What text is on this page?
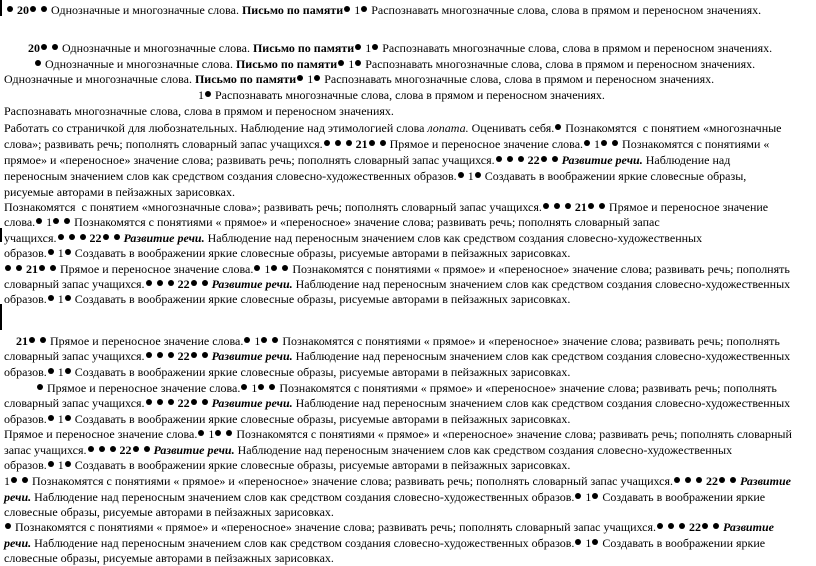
20  Однозначные и многозначные слова. Письмо по памяти 1 Распознавать многозначные слова, слова в прямом и переносном значениях.
20  Однозначные и многозначные слова. Письмо по памяти 1 Распознавать многозначные слова, слова в прямом и переносном значениях.
Однозначные и многозначные слова. Письмо по памяти 1 Распознавать многозначные слова, слова в прямом и переносном значениях.
Однозначные и многозначные слова. Письмо по памяти 1 Распознавать многозначные слова, слова в прямом и переносном значениях.
1 Распознавать многозначные слова, слова в прямом и переносном значениях.
Распознавать многозначные слова, слова в прямом и переносном значениях.
Работать со страничкой для любознательных. Наблюдение над этимологией слова лопата. Оценивать себя. Познакомятся  с понятием «многозначные
слова»; развивать речь; пополнять словарный запас учащихся.	21  Прямое и переносное значение слова. 1  Познакомятся с понятиями «
прямое» и «переносное» значение слова; развивать речь; пополнять словарный запас учащихся.	22 Развитие речи. Наблюдение над
переносным значением слов как средством создания словесно-художественных образов. 1 Создавать в воображении яркие словесные образы,
рисуемые авторами в пейзажных зарисовках.
Познакомятся  с понятием «многозначные слова»; развивать речь; пополнять словарный запас учащихся.	21  Прямое и переносное значение
слова. 1  Познакомятся с понятиями « прямое» и «переносное» значение слова; развивать речь; пополнять словарный запас
учащихся.	22 Развитие речи. Наблюдение над переносным значением слов как средством создания словесно-художественных
образов. 1 Создавать в воображении яркие словесные образы, рисуемые авторами в пейзажных зарисовках.
21  Прямое и переносное значение слова. 1  Познакомятся с понятиями « прямое» и «переносное» значение слова; развивать речь; пополнять
словарный запас учащихся.	22 Развитие речи. Наблюдение над переносным значением слов как средством создания словесно-художественных
образов. 1 Создавать в воображении яркие словесные образы, рисуемые авторами в пейзажных зарисовках.
21  Прямое и переносное значение слова. 1  Познакомятся с понятиями « прямое» и «переносное» значение слова; развивать речь; пополнять
словарный запас учащихся.	22 Развитие речи. Наблюдение над переносным значением слов как средством создания словесно-художественных
образов. 1 Создавать в воображении яркие словесные образы, рисуемые авторами в пейзажных зарисовках.
Прямое и переносное значение слова. 1  Познакомятся с понятиями « прямое» и «переносное» значение слова; развивать речь; пополнять
словарный запас учащихся.	22 Развитие речи. Наблюдение над переносным значением слов как средством создания словесно-художественных
образов. 1 Создавать в воображении яркие словесные образы, рисуемые авторами в пейзажных зарисовках.
Прямое и переносное значение слова. 1  Познакомятся с понятиями « прямое» и «переносное» значение слова; развивать речь; пополнять словарный
запас учащихся.	22 Развитие речи. Наблюдение над переносным значением слов как средством создания словесно-художественных
образов. 1 Создавать в воображении яркие словесные образы, рисуемые авторами в пейзажных зарисовках.
1  Познакомятся с понятиями « прямое» и «переносное» значение слова; развивать речь; пополнять словарный запас учащихся.	22 Развитие
речи. Наблюдение над переносным значением слов как средством создания словесно-художественных образов. 1 Создавать в воображении яркие
словесные образы, рисуемые авторами в пейзажных зарисовках.
Познакомятся с понятиями « прямое» и «переносное» значение слова; развивать речь; пополнять словарный запас учащихся.	22 Развитие
речи. Наблюдение над переносным значением слов как средством создания словесно-художественных образов. 1 Создавать в воображении яркие
словесные образы, рисуемые авторами в пейзажных зарисовках.
